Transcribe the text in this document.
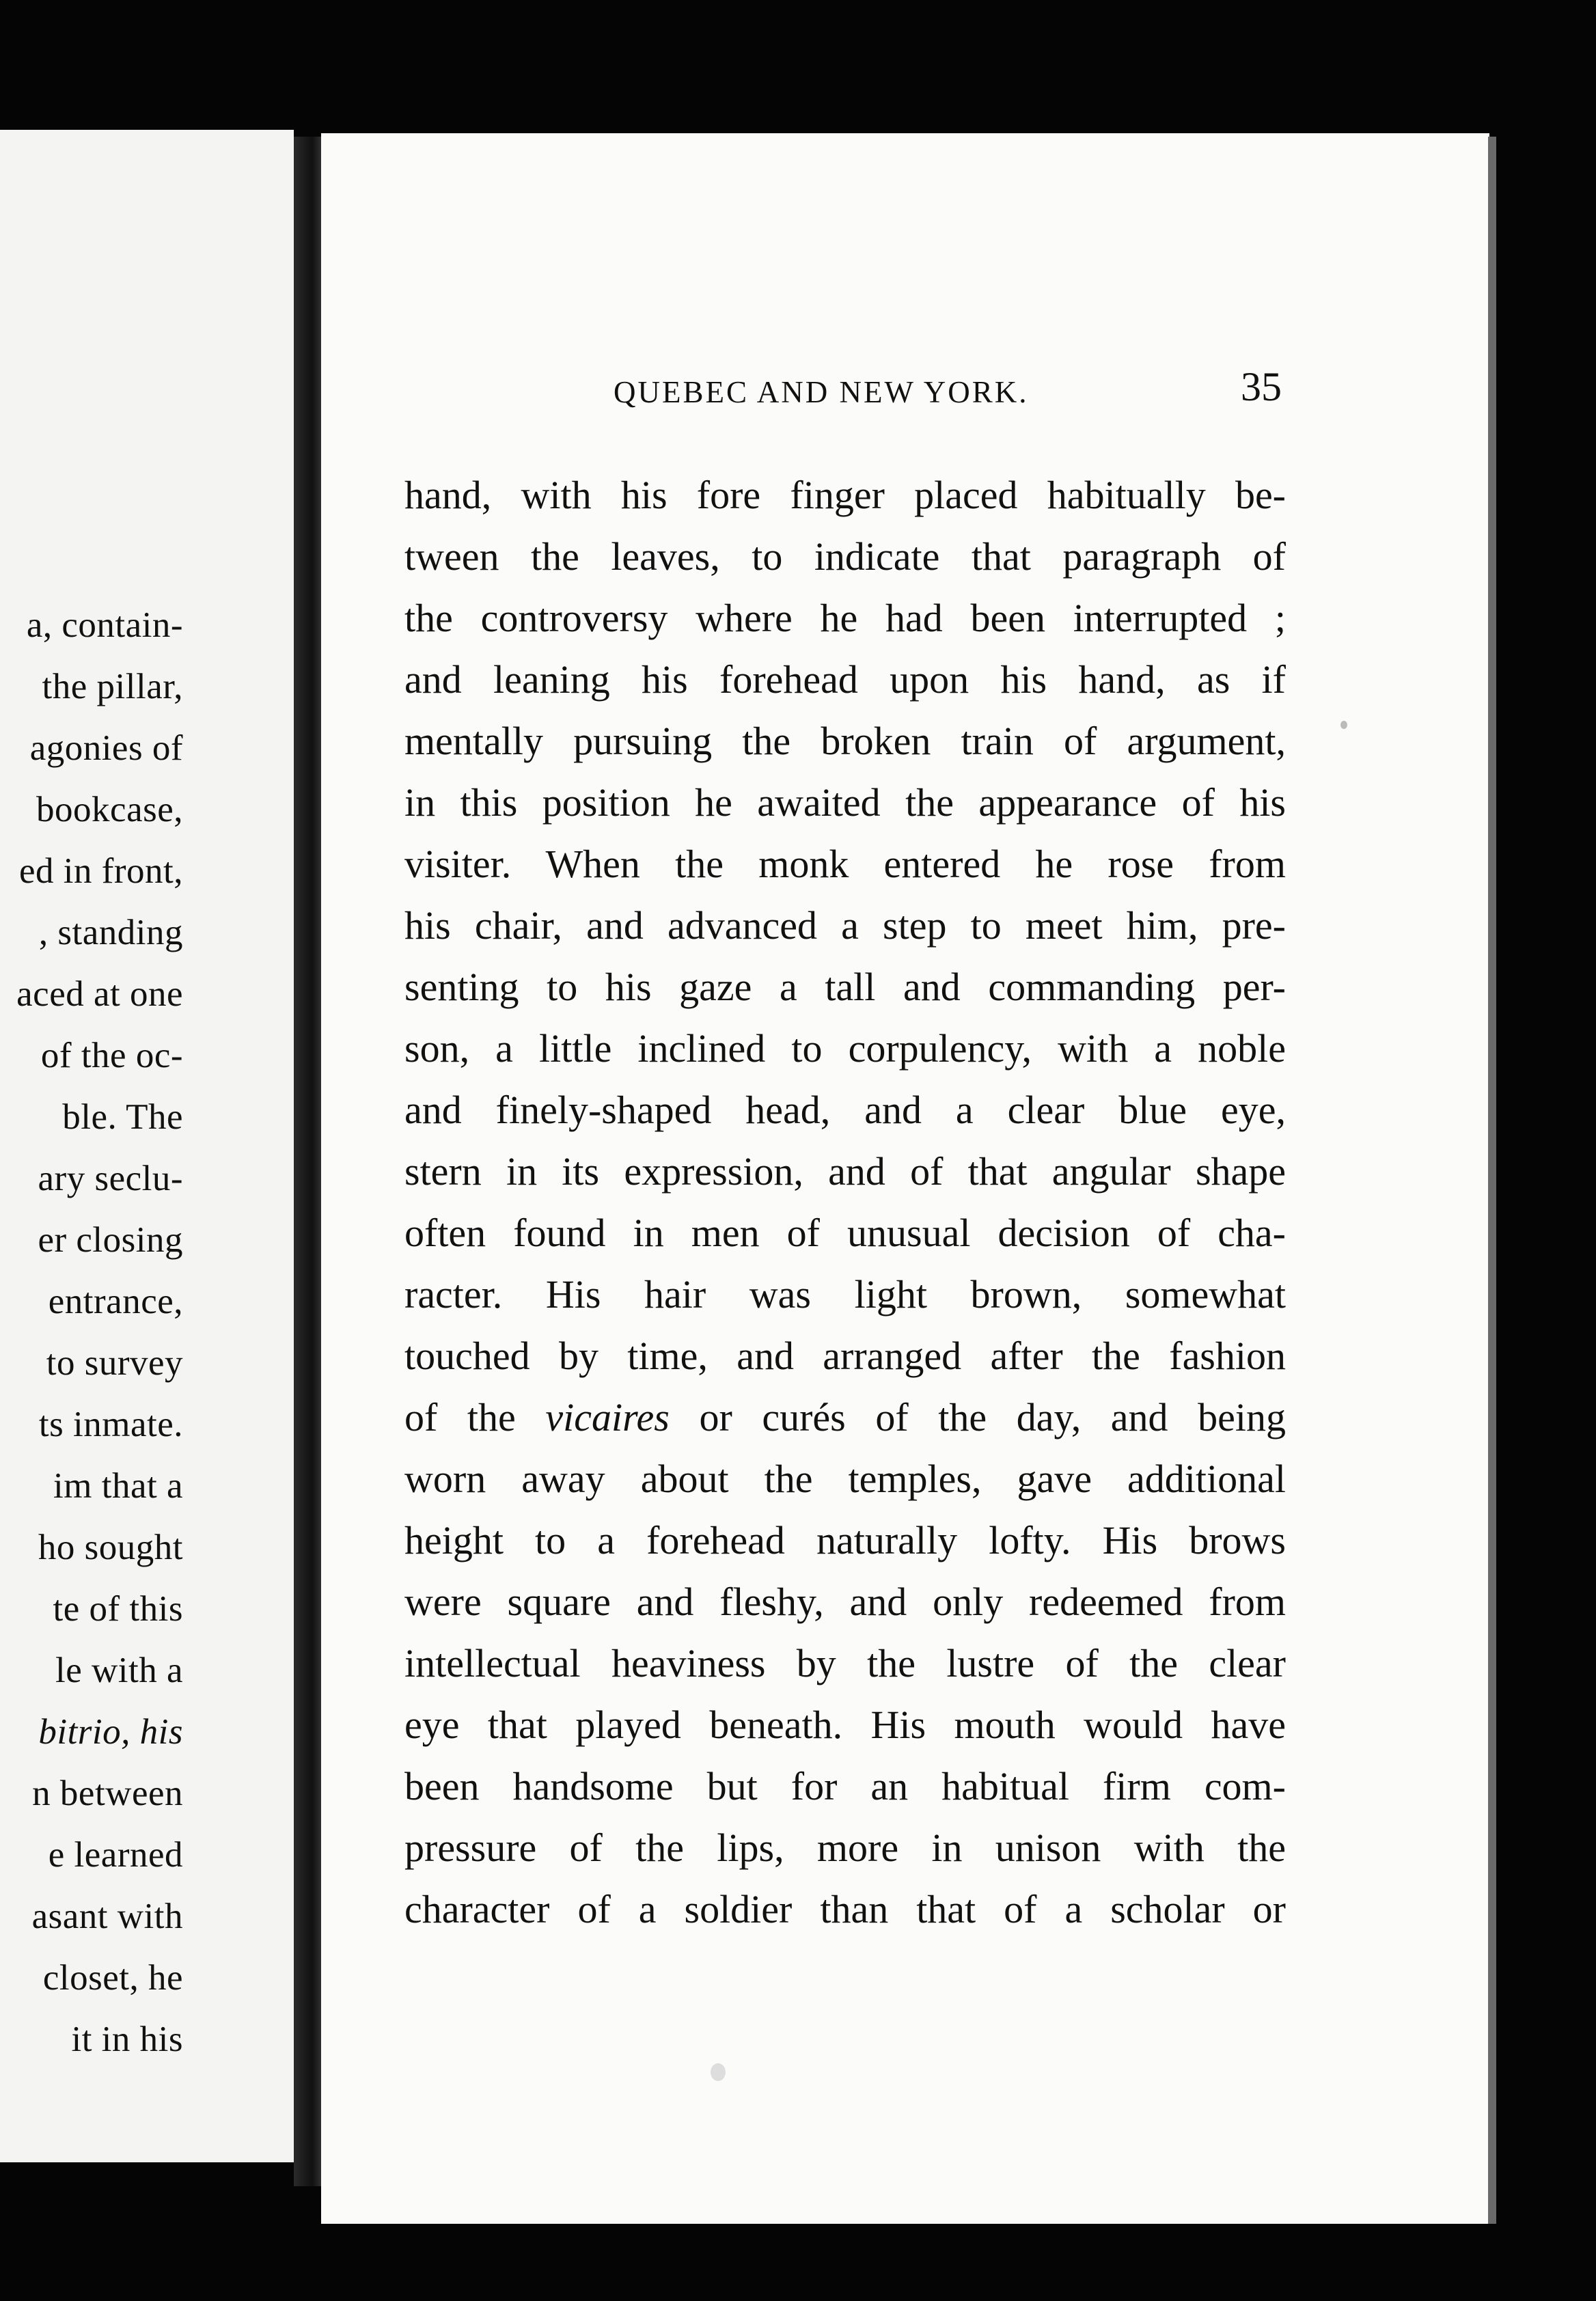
a, contain-
the pillar,
agonies of
bookcase,
ed in front,
, standing
aced at one
of the oc-
ble. The
ary seclu-
er closing
entrance,
to survey
ts inmate.
im that a
ho sought
te of this
le with a
bitrio, his
n between
e learned
asant with
closet, he
it in his
QUEBEC AND NEW YORK.	35
hand, with his fore finger placed habitually be-
tween the leaves, to indicate that paragraph of
the controversy where he had been interrupted ;
and leaning his forehead upon his hand, as if
mentally pursuing the broken train of argument,
in this position he awaited the appearance of his
visiter. When the monk entered he rose from
his chair, and advanced a step to meet him, pre-
senting to his gaze a tall and commanding per-
son, a little inclined to corpulency, with a noble
and finely-shaped head, and a clear blue eye,
stern in its expression, and of that angular shape
often found in men of unusual decision of cha-
racter. His hair was light brown, somewhat
touched by time, and arranged after the fashion
of the vicaires or curés of the day, and being
worn away about the temples, gave additional
height to a forehead naturally lofty. His brows
were square and fleshy, and only redeemed from
intellectual heaviness by the lustre of the clear
eye that played beneath. His mouth would have
been handsome but for an habitual firm com-
pressure of the lips, more in unison with the
character of a soldier than that of a scholar or
